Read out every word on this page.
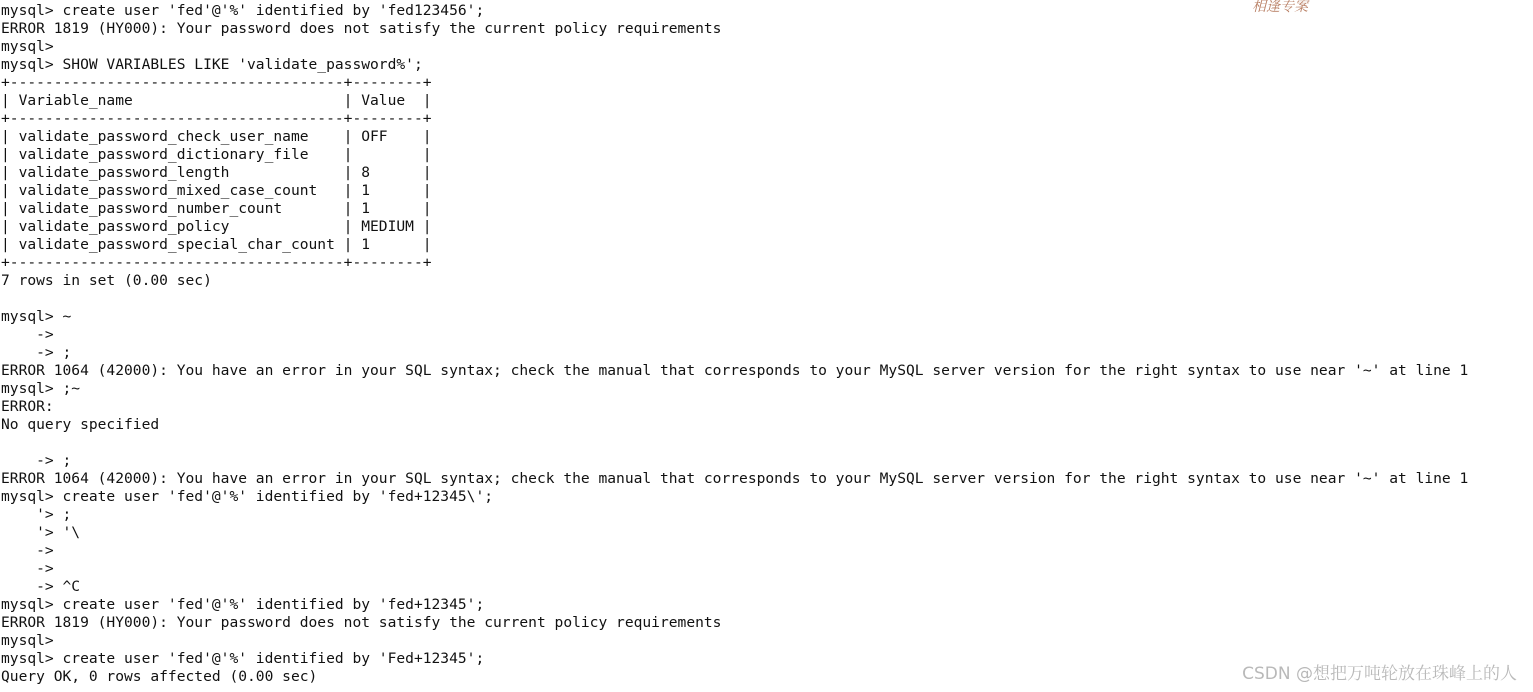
mysql> create user 'fed'@'%' identified by 'fed123456';
ERROR 1819 (HY000): Your password does not satisfy the current policy requirements
mysql>
mysql> SHOW VARIABLES LIKE 'validate_password%';
+--------------------------------------+--------+
| Variable_name                        | Value  |
+--------------------------------------+--------+
| validate_password_check_user_name    | OFF    |
| validate_password_dictionary_file    |        |
| validate_password_length             | 8      |
| validate_password_mixed_case_count   | 1      |
| validate_password_number_count       | 1      |
| validate_password_policy             | MEDIUM |
| validate_password_special_char_count | 1      |
+--------------------------------------+--------+
7 rows in set (0.00 sec)
mysql> ~
->
-> ;
ERROR 1064 (42000): You have an error in your SQL syntax; check the manual that corresponds to your MySQL server version for the right syntax to use near '~' at line 1
mysql> ;~
ERROR:
No query specified
-> ;
ERROR 1064 (42000): You have an error in your SQL syntax; check the manual that corresponds to your MySQL server version for the right syntax to use near '~' at line 1
mysql> create user 'fed'@'%' identified by 'fed+12345\';
'> ;
'> '\
->
->
-> ^C
mysql> create user 'fed'@'%' identified by 'fed+12345';
ERROR 1819 (HY000): Your password does not satisfy the current policy requirements
mysql>
mysql> create user 'fed'@'%' identified by 'Fed+12345';
Query OK, 0 rows affected (0.00 sec)
相逢专案
CSDN @想把万吨轮放在珠峰上的人
